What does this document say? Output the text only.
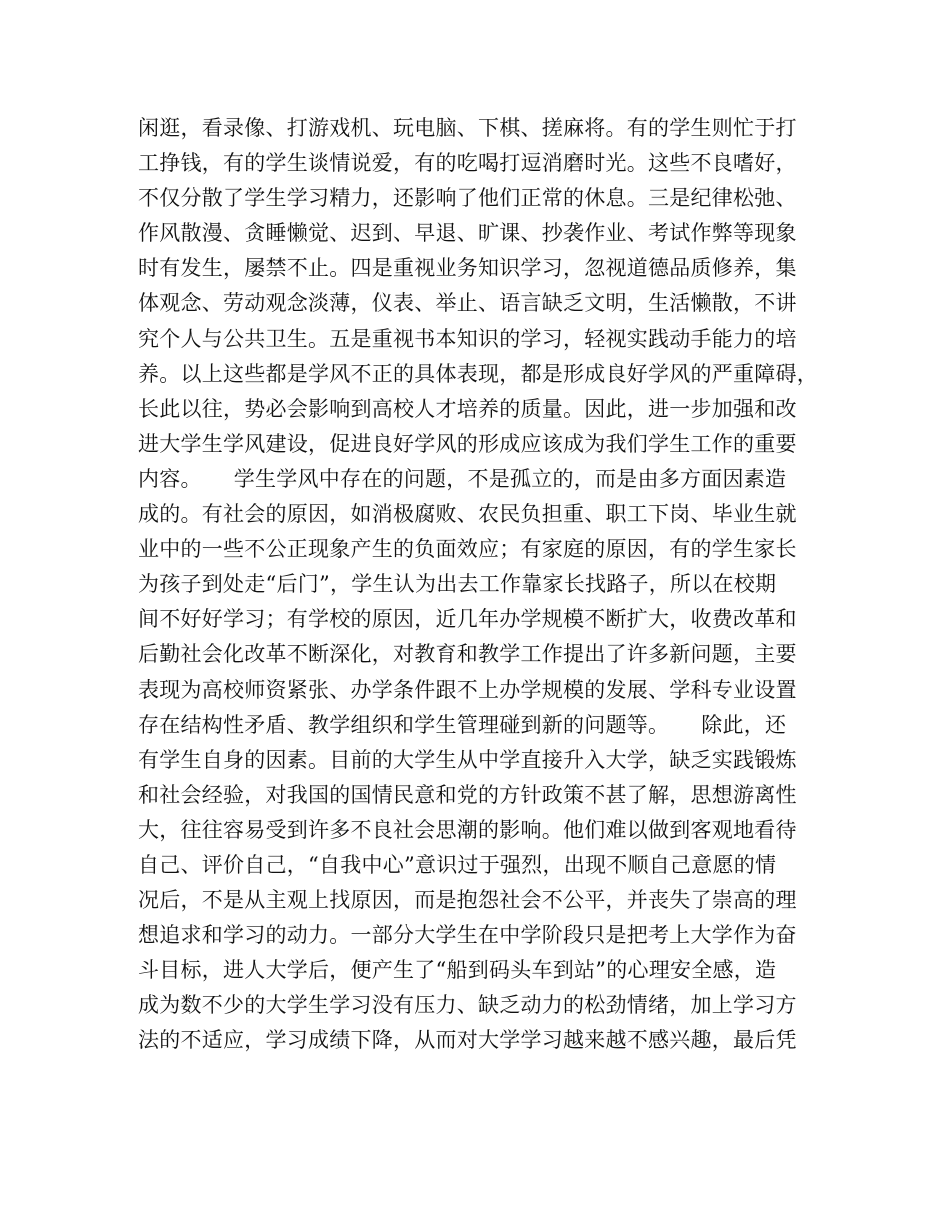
闲逛，看录像、打游戏机、玩电脑、下棋、搓麻将。有的学生则忙于打
工挣钱，有的学生谈情说爱，有的吃喝打逗消磨时光。这些不良嗜好，
不仅分散了学生学习精力，还影响了他们正常的休息。三是纪律松弛、
作风散漫、贪睡懒觉、迟到、早退、旷课、抄袭作业、考试作弊等现象
时有发生，屡禁不止。四是重视业务知识学习，忽视道德品质修养，集
体观念、劳动观念淡薄，仪表、举止、语言缺乏文明，生活懒散，不讲
究个人与公共卫生。五是重视书本知识的学习，轻视实践动手能力的培
养。以上这些都是学风不正的具体表现，都是形成良好学风的严重障碍，
长此以往，势必会影响到高校人才培养的质量。因此，进一步加强和改
进大学生学风建设，促进良好学风的形成应该成为我们学生工作的重要
内容。　　学生学风中存在的问题，不是孤立的，而是由多方面因素造
成的。有社会的原因，如消极腐败、农民负担重、职工下岗、毕业生就
业中的一些不公正现象产生的负面效应；有家庭的原因，有的学生家长
为孩子到处走“后门”，学生认为出去工作靠家长找路子，所以在校期
间不好好学习；有学校的原因，近几年办学规模不断扩大，收费改革和
后勤社会化改革不断深化，对教育和教学工作提出了许多新问题，主要
表现为高校师资紧张、办学条件跟不上办学规模的发展、学科专业设置
存在结构性矛盾、教学组织和学生管理碰到新的问题等。　　除此，还
有学生自身的因素。目前的大学生从中学直接升入大学，缺乏实践锻炼
和社会经验，对我国的国情民意和党的方针政策不甚了解，思想游离性
大，往往容易受到许多不良社会思潮的影响。他们难以做到客观地看待
自己、评价自己，“自我中心”意识过于强烈，出现不顺自己意愿的情
况后，不是从主观上找原因，而是抱怨社会不公平，并丧失了崇高的理
想追求和学习的动力。一部分大学生在中学阶段只是把考上大学作为奋
斗目标，进人大学后，便产生了“船到码头车到站”的心理安全感，造
成为数不少的大学生学习没有压力、缺乏动力的松劲情绪，加上学习方
法的不适应，学习成绩下降，从而对大学学习越来越不感兴趣，最后凭
